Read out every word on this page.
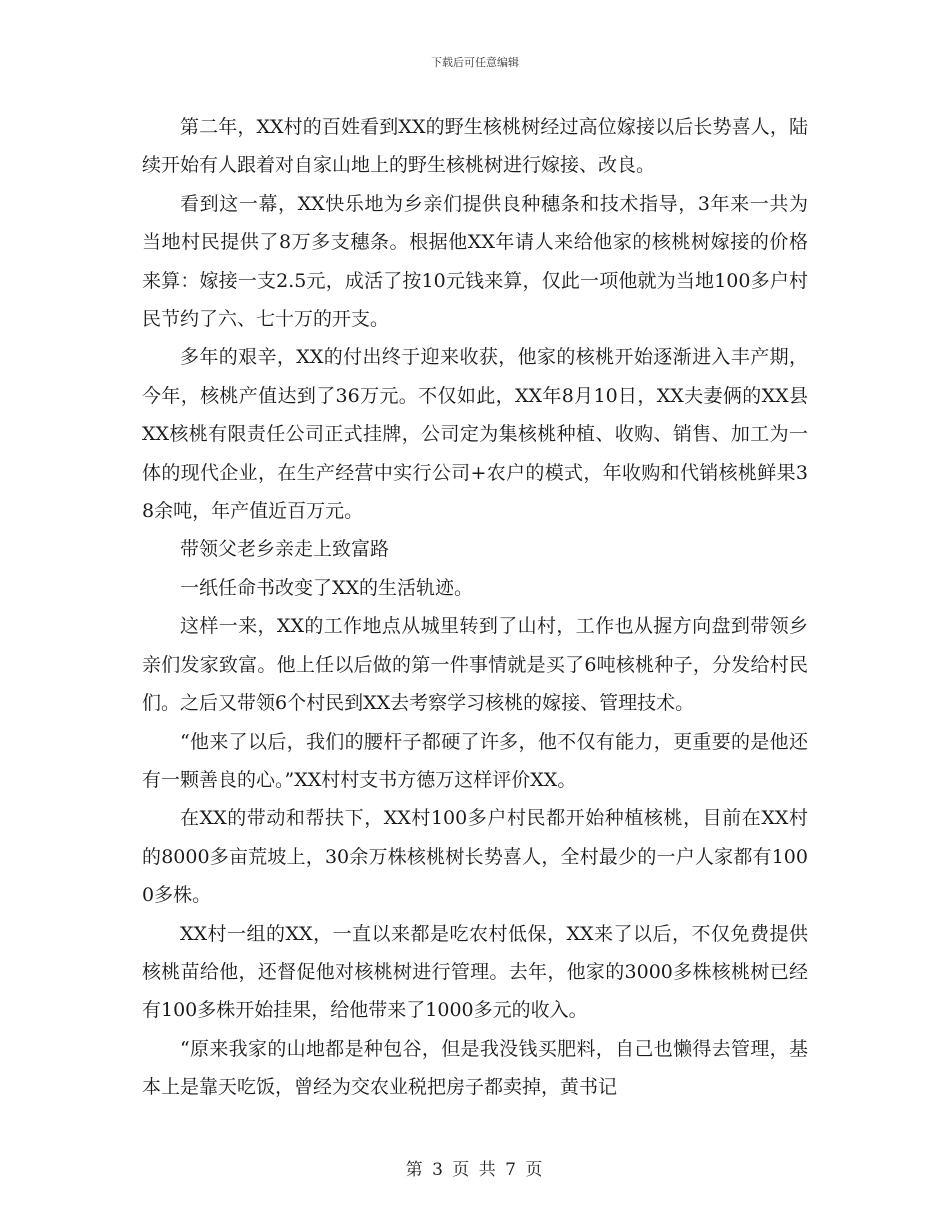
下载后可任意编辑

第二年，XX村的百姓看到XX的野生核桃树经过高位嫁接以后长势喜人，陆续开始有人跟着对自家山地上的野生核桃树进行嫁接、改良。

看到这一幕，XX快乐地为乡亲们提供良种穗条和技术指导，3年来一共为当地村民提供了8万多支穗条。根据他XX年请人来给他家的核桃树嫁接的价格来算：嫁接一支2.5元，成活了按10元钱来算，仅此一项他就为当地100多户村民节约了六、七十万的开支。

多年的艰辛，XX的付出终于迎来收获，他家的核桃开始逐渐进入丰产期，今年，核桃产值达到了36万元。不仅如此，XX年8月10日，XX夫妻俩的XX县XX核桃有限责任公司正式挂牌，公司定为集核桃种植、收购、销售、加工为一体的现代企业，在生产经营中实行公司+农户的模式，年收购和代销核桃鲜果38余吨，年产值近百万元。

带领父老乡亲走上致富路

一纸任命书改变了XX的生活轨迹。

这样一来，XX的工作地点从城里转到了山村，工作也从握方向盘到带领乡亲们发家致富。他上任以后做的第一件事情就是买了6吨核桃种子，分发给村民们。之后又带领6个村民到XX去考察学习核桃的嫁接、管理技术。

“他来了以后，我们的腰杆子都硬了许多，他不仅有能力，更重要的是他还有一颗善良的心。”XX村村支书方德万这样评价XX。

在XX的带动和帮扶下，XX村100多户村民都开始种植核桃，目前在XX村的8000多亩荒坡上，30余万株核桃树长势喜人，全村最少的一户人家都有1000多株。

XX村一组的XX，一直以来都是吃农村低保，XX来了以后，不仅免费提供核桃苗给他，还督促他对核桃树进行管理。去年，他家的3000多株核桃树已经有100多株开始挂果，给他带来了1000多元的收入。

“原来我家的山地都是种包谷，但是我没钱买肥料，自己也懒得去管理，基本上是靠天吃饭，曾经为交农业税把房子都卖掉，黄书记

第 3 页 共 7 页
